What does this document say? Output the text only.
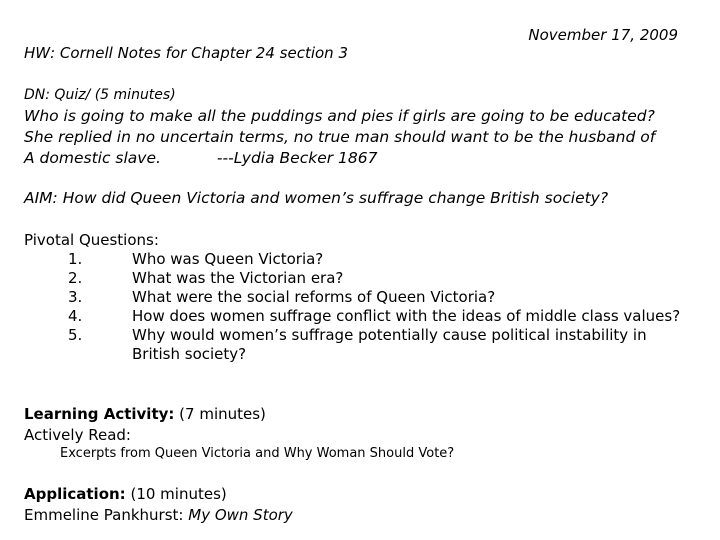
November 17, 2009
HW: Cornell Notes for Chapter 24 section 3
DN: Quiz/ (5 minutes)
Who is going to make all the puddings and pies if girls are going to be educated?
She replied in no uncertain terms, no true man should want to be the husband of
A domestic slave.	---Lydia Becker 1867
AIM: How did Queen Victoria and women’s suffrage change British society?
Pivotal Questions:
1.	Who was Queen Victoria?
2.	What was the Victorian era?
3.	What were the social reforms of Queen Victoria?
4.	How does women suffrage conflict with the ideas of middle class values?
5.	Why would women’s suffrage potentially cause political instability in British society?
Learning Activity: (7 minutes)
Actively Read:
Excerpts from Queen Victoria and Why Woman Should Vote?
Application: (10 minutes)
Emmeline Pankhurst: My Own Story
